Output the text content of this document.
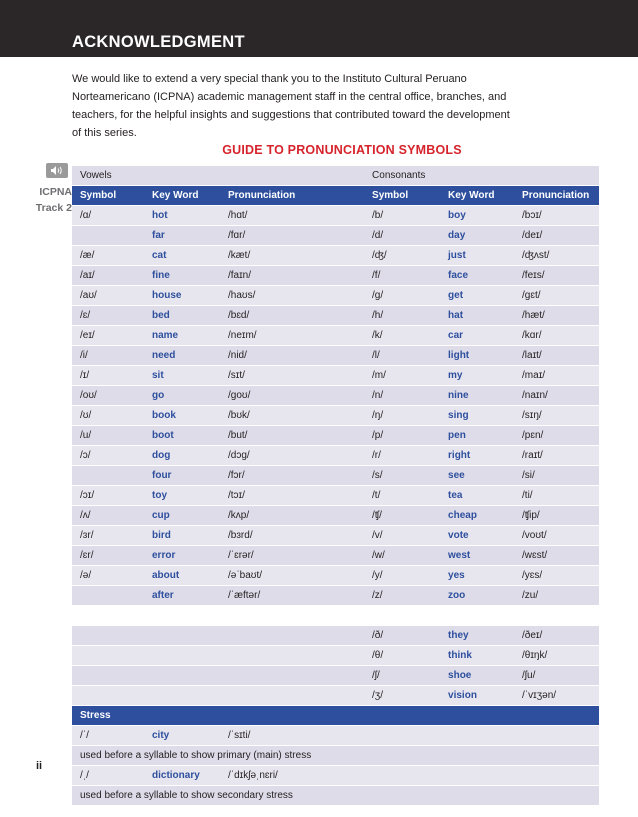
ACKNOWLEDGMENT

We would like to extend a very special thank you to the Instituto Cultural Peruano Norteamericano (ICPNA) academic management staff in the central office, branches, and teachers, for the helpful insights and suggestions that contributed toward the development of this series.

GUIDE TO PRONUNCIATION SYMBOLS
ICPNA
Track 2
Vowels			Consonants		
Symbol	Key Word	Pronunciation	Symbol	Key Word	Pronunciation
/ɑ/	hot	/hɑt/	/b/	boy	/bɔɪ/
	far	/fɑr/	/d/	day	/deɪ/
/æ/	cat	/kæt/	/ʤ/	just	/ʤʌst/
/aɪ/	fine	/faɪn/	/f/	face	/feɪs/
/aʊ/	house	/haʊs/	/g/	get	/gɛt/
/ɛ/	bed	/bɛd/	/h/	hat	/hæt/
/eɪ/	name	/neɪm/	/k/	car	/kɑr/
/i/	need	/nid/	/l/	light	/laɪt/
/ɪ/	sit	/sɪt/	/m/	my	/maɪ/
/oʊ/	go	/goʊ/	/n/	nine	/naɪn/
/ʊ/	book	/bʊk/	/ŋ/	sing	/sɪŋ/
/u/	boot	/but/	/p/	pen	/pɛn/
/ɔ/	dog	/dɔg/	/r/	right	/raɪt/
	four	/fɔr/	/s/	see	/si/
/ɔɪ/	toy	/tɔɪ/	/t/	tea	/ti/
/ʌ/	cup	/kʌp/	/ʧ/	cheap	/ʧip/
/ɜr/	bird	/bɜrd/	/v/	vote	/voʊt/
/ɛr/	error	/ˈɛrər/	/w/	west	/wɛst/
/ə/	about	/əˈbaʊt/	/y/	yes	/yɛs/
	after	/ˈæftər/	/z/	zoo	/zu/

			/ð/	they	/ðeɪ/
			/θ/	think	/θɪŋk/
			/ʃ/	shoe	/ʃu/
			/ʒ/	vision	/ˈvɪʒən/
Stress					
/ˈ/	city	/ˈsɪti/			
used before a syllable to show primary (main) stress					
/ˌ/	dictionary	/ˈdɪkʃəˌnɛri/			
used before a syllable to show secondary stress					
ii
